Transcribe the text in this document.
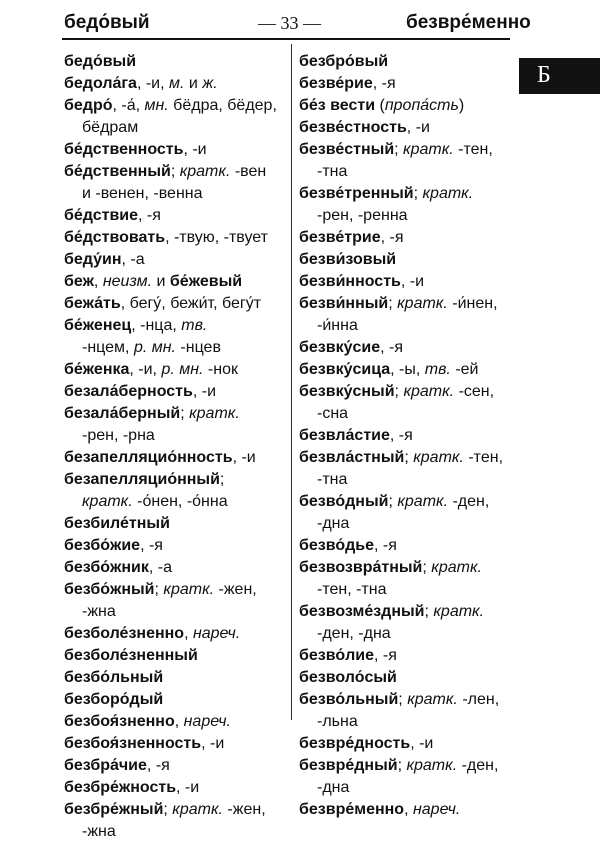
бедо́вый	— 33 —	безвре́менно
Б
бедо́вый
бедола́га, -и, м. и ж.
бедро́, -а́, мн. бёдра, бёдер,
бёдрам
бе́дственность, -и
бе́дственный; кратк. -вен
и -венен, -венна
бе́дствие, -я
бе́дствовать, -твую, -твует
беду́ин, -а
беж, неизм. и бе́жевый
бежа́ть, бегу́, бежи́т, бегу́т
бе́женец, -нца, тв.
-нцем, р. мн. -нцев
бе́женка, -и, р. мн. -нок
безала́берность, -и
безала́берный; кратк.
-рен, -рна
безапелляцио́нность, -и
безапелляцио́нный;
кратк. -о́нен, -о́нна
безбиле́тный
безбо́жие, -я
безбо́жник, -а
безбо́жный; кратк. -жен,
-жна
безболе́зненно, нареч.
безболе́зненный
безбо́льный
безборо́дый
безбоя́зненно, нареч.
безбоя́зненность, -и
безбра́чие, -я
безбре́жность, -и
безбре́жный; кратк. -жен,
-жна
безбро́вый
безве́рие, -я
бе́з вести (пропа́сть)
безве́стность, -и
безве́стный; кратк. -тен,
-тна
безве́тренный; кратк.
-рен, -ренна
безве́трие, -я
безви́зовый
безви́нность, -и
безви́нный; кратк. -и́нен,
-и́нна
безвку́сие, -я
безвку́сица, -ы, тв. -ей
безвку́сный; кратк. -сен,
-сна
безвла́стие, -я
безвла́стный; кратк. -тен,
-тна
безво́дный; кратк. -ден,
-дна
безво́дье, -я
безвозвра́тный; кратк.
-тен, -тна
безвозме́здный; кратк.
-ден, -дна
безво́лие, -я
безволо́сый
безво́льный; кратк. -лен,
-льна
безвре́дность, -и
безвре́дный; кратк. -ден,
-дна
безвре́менно, нареч.
